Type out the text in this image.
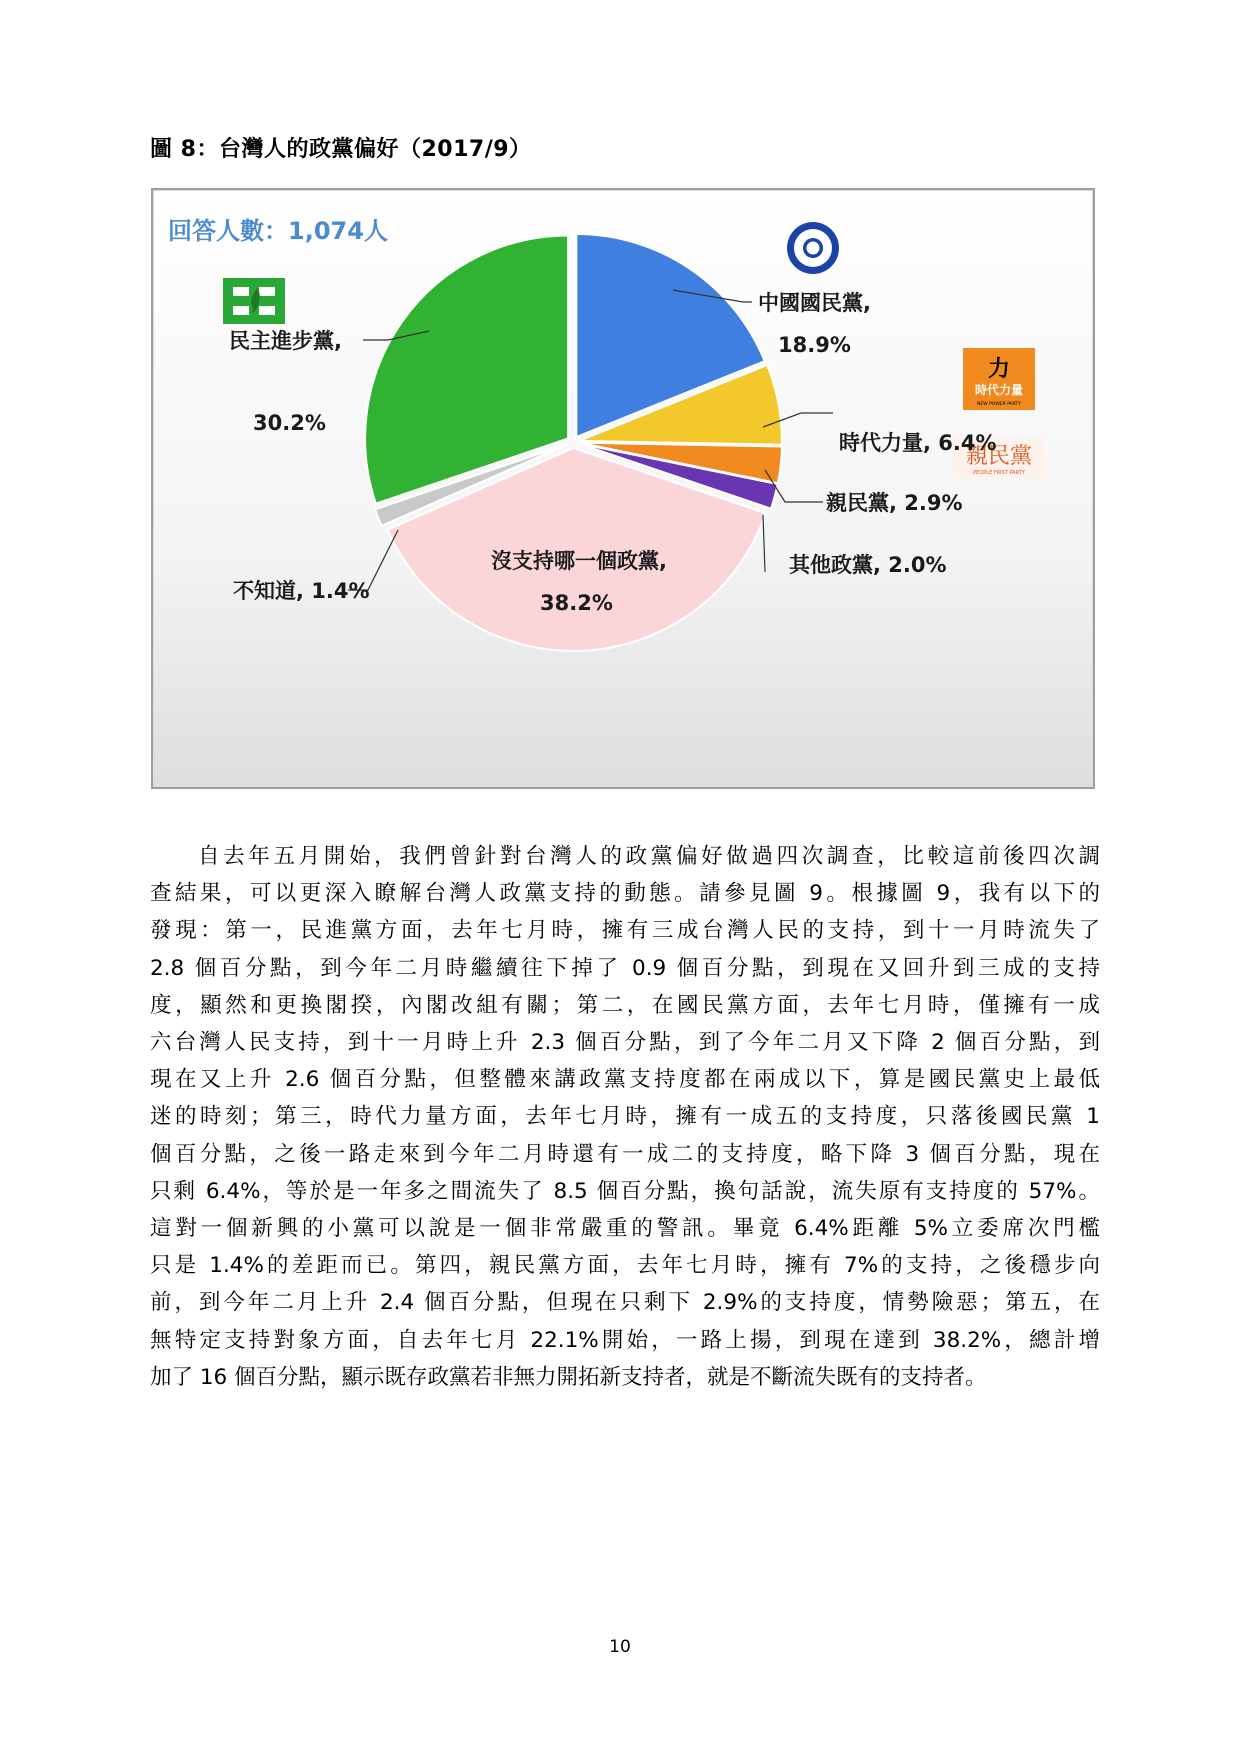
圖 8：台灣人的政黨偏好（2017/9）
回答人數：1,074人
力
時代力量
NEW POWER PARTY
親民黨
PEOPLE FIRST PARTY
中國國民黨,
18.9%
時代力量, 6.4%
親民黨, 2.9%
其他政黨, 2.0%
沒支持哪一個政黨,
38.2%
不知道, 1.4%
民主進步黨,
30.2%
自去年五月開始，我們曾針對台灣人的政黨偏好做過四次調查，比較這前後四次調
查結果，可以更深入瞭解台灣人政黨支持的動態。請參見圖 9。根據圖 9，我有以下的
發現：第一，民進黨方面，去年七月時，擁有三成台灣人民的支持，到十一月時流失了
2.8 個百分點，到今年二月時繼續往下掉了 0.9 個百分點，到現在又回升到三成的支持
度，顯然和更換閣揆，內閣改組有關；第二，在國民黨方面，去年七月時，僅擁有一成
六台灣人民支持，到十一月時上升 2.3 個百分點，到了今年二月又下降 2 個百分點，到
現在又上升 2.6 個百分點，但整體來講政黨支持度都在兩成以下，算是國民黨史上最低
迷的時刻；第三，時代力量方面，去年七月時，擁有一成五的支持度，只落後國民黨 1
個百分點，之後一路走來到今年二月時還有一成二的支持度，略下降 3 個百分點，現在
只剩 6.4%，等於是一年多之間流失了 8.5 個百分點，換句話說，流失原有支持度的 57%。
這對一個新興的小黨可以說是一個非常嚴重的警訊。畢竟 6.4%距離 5%立委席次門檻
只是 1.4%的差距而已。第四，親民黨方面，去年七月時，擁有 7%的支持，之後穩步向
前，到今年二月上升 2.4 個百分點，但現在只剩下 2.9%的支持度，情勢險惡；第五，在
無特定支持對象方面，自去年七月 22.1%開始，一路上揚，到現在達到 38.2%，總計增
加了 16 個百分點，顯示既存政黨若非無力開拓新支持者，就是不斷流失既有的支持者。
10
